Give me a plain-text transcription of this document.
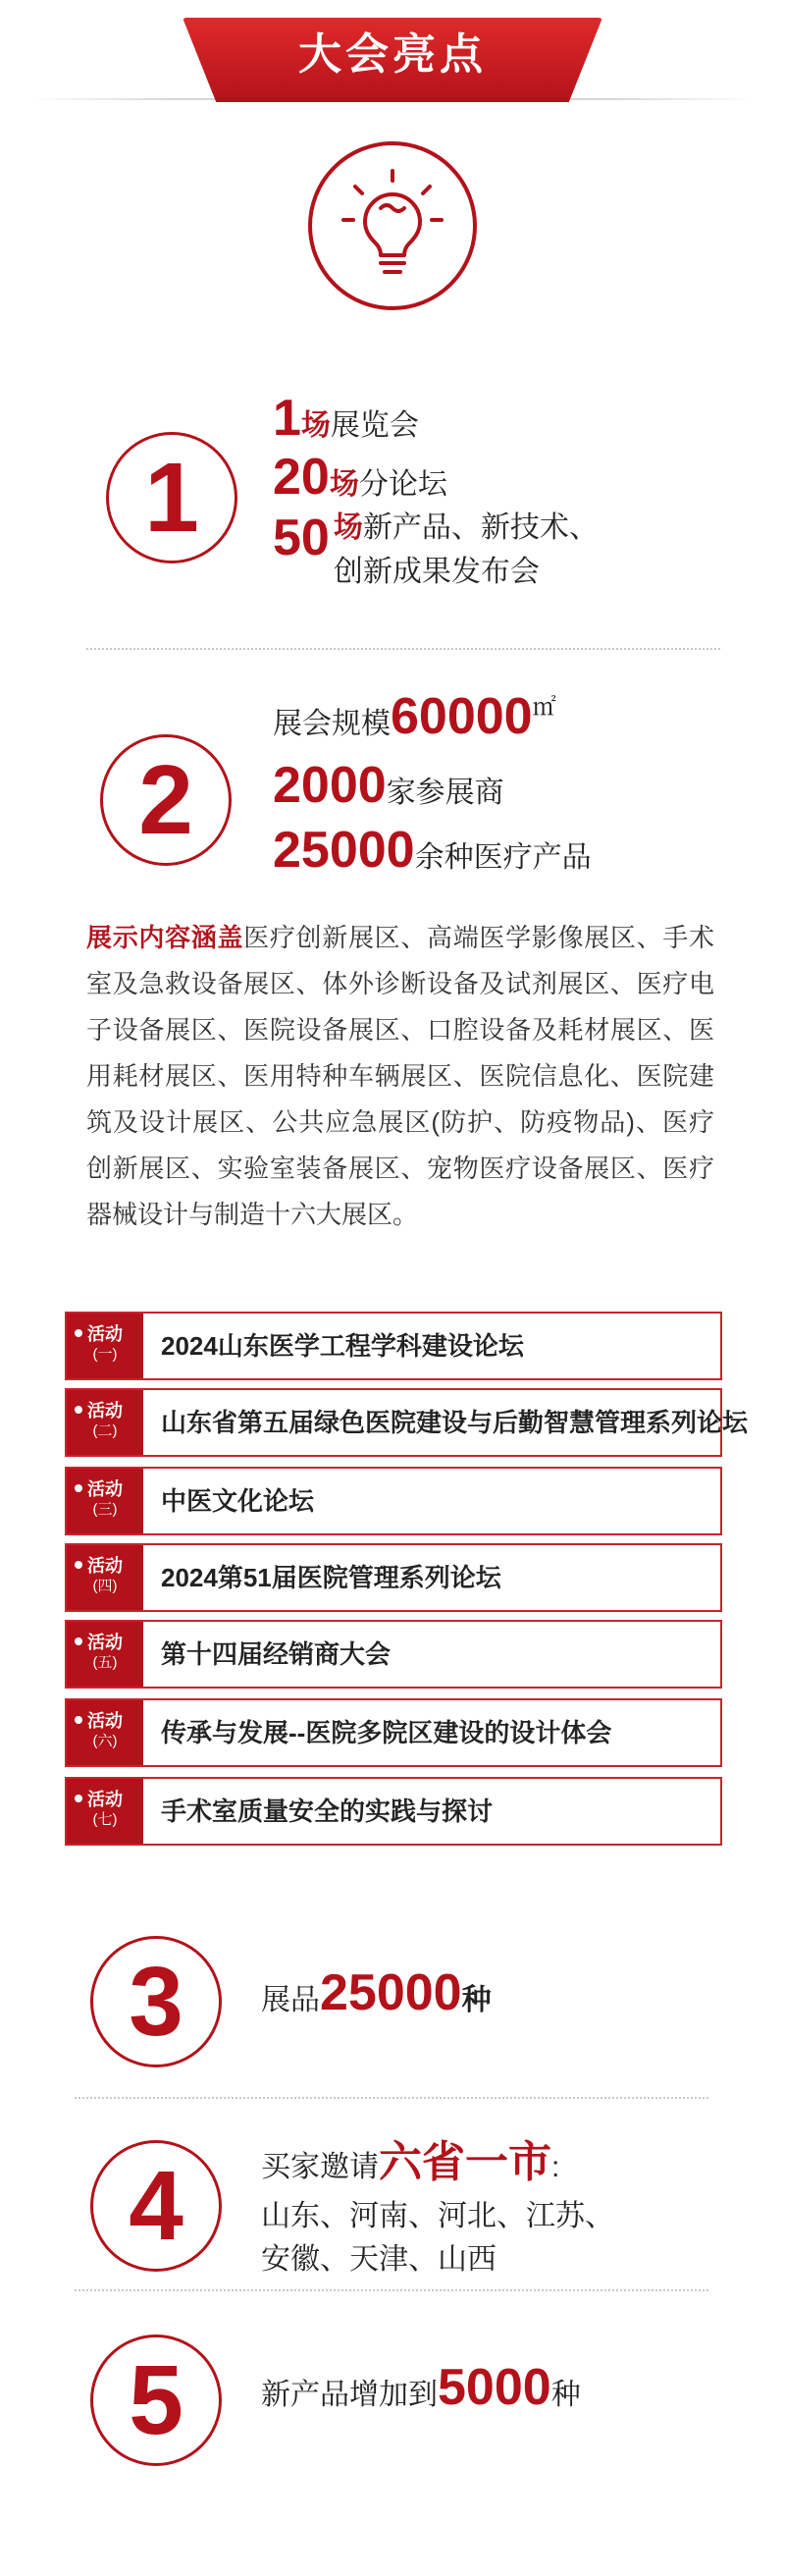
大会亮点
1
1场展览会
20场分论坛
50 场新产品、新技术、
创新成果发布会
2
展会规模60000㎡
2000家参展商
25000余种医疗产品
展示内容涵盖医疗创新展区、高端医学影像展区、手术室及急救设备展区、体外诊断设备及试剂展区、医疗电子设备展区、医院设备展区、口腔设备及耗材展区、医用耗材展区、医用特种车辆展区、医院信息化、医院建筑及设计展区、公共应急展区(防护、防疫物品)、医疗创新展区、实验室装备展区、宠物医疗设备展区、医疗器械设计与制造十六大展区。
活动
(一)	2024山东医学工程学科建设论坛
活动
(二)	山东省第五届绿色医院建设与后勤智慧管理系列论坛
活动
(三)	中医文化论坛
活动
(四)	2024第51届医院管理系列论坛
活动
(五)	第十四届经销商大会
活动
(六)	传承与发展--医院多院区建设的设计体会
活动
(七)	手术室质量安全的实践与探讨
3	展品25000种
4	买家邀请六省一市:
山东、河南、河北、江苏、
安徽、天津、山西
5	新产品增加到5000种
